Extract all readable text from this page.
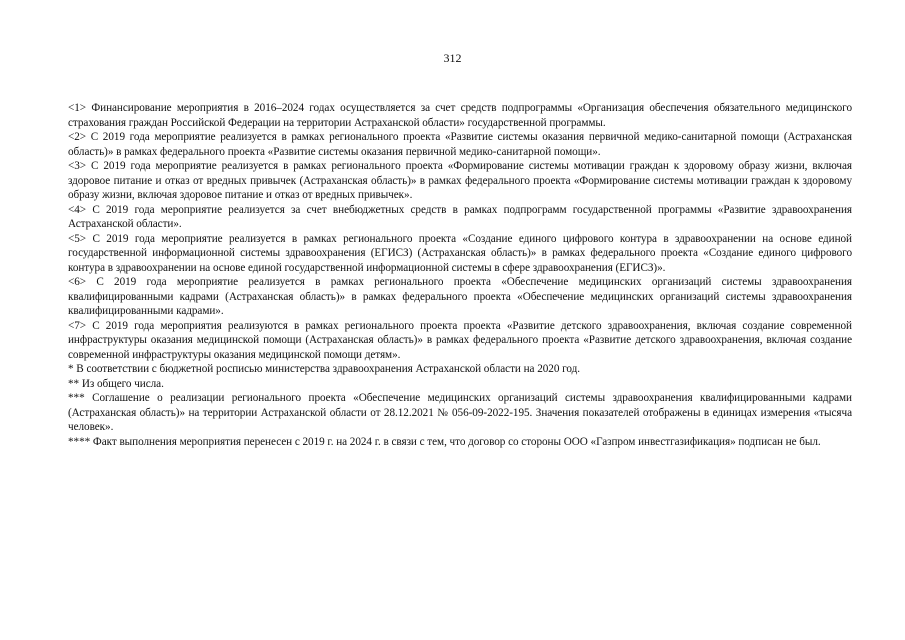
312

<1> Финансирование мероприятия в 2016–2024 годах осуществляется за счет средств подпрограммы «Организация обеспечения обязательного медицинского страхования граждан Российской Федерации на территории Астраханской области» государственной программы.

<2> С 2019 года мероприятие реализуется в рамках регионального проекта «Развитие системы оказания первичной медико-санитарной помощи (Астраханская область)» в рамках федерального проекта «Развитие системы оказания первичной медико-санитарной помощи».

<3> С 2019 года мероприятие реализуется в рамках регионального проекта «Формирование системы мотивации граждан к здоровому образу жизни, включая здоровое питание и отказ от вредных привычек (Астраханская область)» в рамках федерального проекта «Формирование системы мотивации граждан к здоровому образу жизни, включая здоровое питание и отказ от вредных привычек».

<4> С 2019 года мероприятие реализуется за счет внебюджетных средств в рамках подпрограмм государственной программы «Развитие здравоохранения Астраханской области».

<5> С 2019 года мероприятие реализуется в рамках регионального проекта «Создание единого цифрового контура в здравоохранении на основе единой государственной информационной системы здравоохранения (ЕГИСЗ) (Астраханская область)» в рамках федерального проекта «Создание единого цифрового контура в здравоохранении на основе единой государственной информационной системы в сфере здравоохранения (ЕГИСЗ)».

<6> С 2019 года мероприятие реализуется в рамках регионального проекта «Обеспечение медицинских организаций системы здравоохранения квалифицированными кадрами (Астраханская область)» в рамках федерального проекта «Обеспечение медицинских организаций системы здравоохранения квалифицированными кадрами».

<7> С 2019 года мероприятия реализуются в рамках регионального проекта проекта «Развитие детского здравоохранения, включая создание современной инфраструктуры оказания медицинской помощи (Астраханская область)» в рамках федерального проекта «Развитие детского здравоохранения, включая создание современной инфраструктуры оказания медицинской помощи детям».

* В соответствии с бюджетной росписью министерства здравоохранения Астраханской области на 2020 год.

** Из общего числа.

*** Соглашение о реализации регионального проекта «Обеспечение медицинских организаций системы здравоохранения квалифицированными кадрами (Астраханская область)» на территории Астраханской области от 28.12.2021 № 056-09-2022-195. Значения показателей отображены в единицах измерения «тысяча человек».

**** Факт выполнения мероприятия перенесен с 2019 г. на 2024 г. в связи с тем, что договор со стороны ООО «Газпром инвестгазификация» подписан не был.
